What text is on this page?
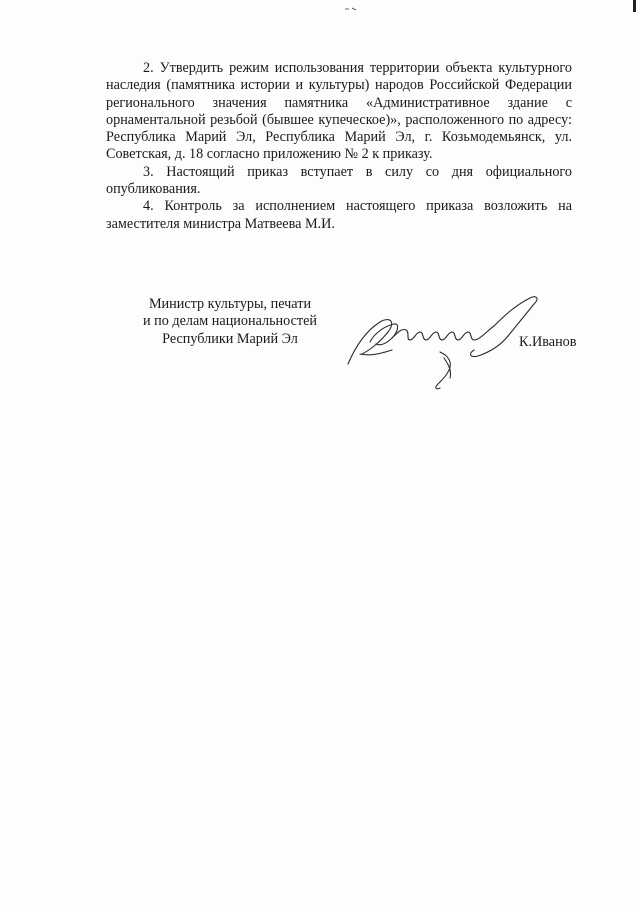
2. Утвердить режим использования территории объекта культурного наследия (памятника истории и культуры) народов Российской Федерации регионального значения памятника «Административное здание с орнаментальной резьбой (бывшее купеческое)», расположенного по адресу: Республика Марий Эл, Республика Марий Эл, г. Козьмодемьянск, ул. Советская, д. 18 согласно приложению № 2 к приказу.

3. Настоящий приказ вступает в силу со дня официального опубликования.

4. Контроль за исполнением настоящего приказа возложить на заместителя министра Матвеева М.И.

Министр культуры, печати
и по делам национальностей
Республики Марий Эл	К.Иванов
